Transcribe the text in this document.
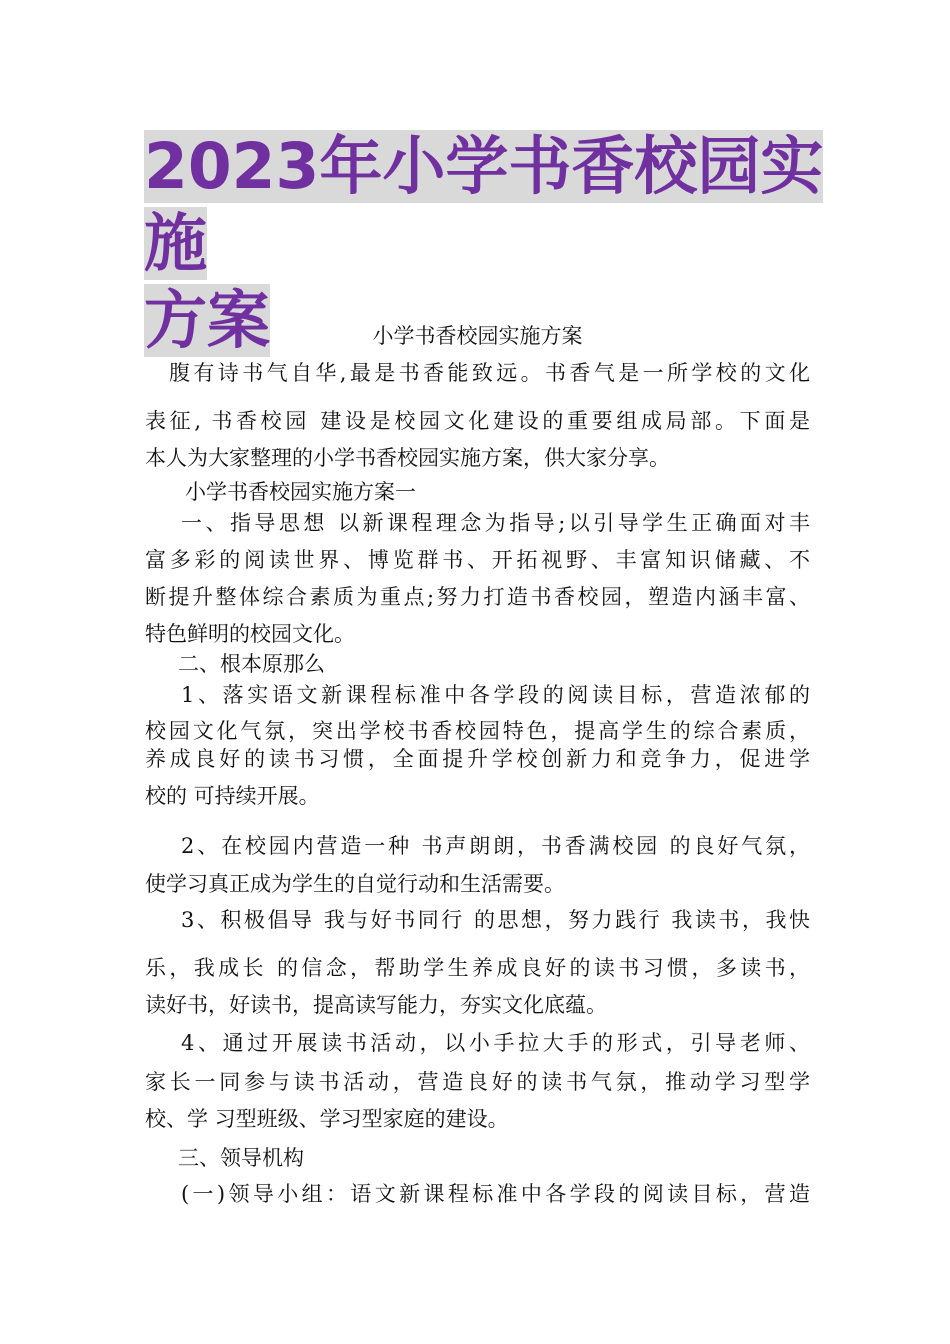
2023年小学书香校园实施
方案	小学书香校园实施方案

腹有诗书气自华,最是书香能致远。书香气是一所学校的文化

表征, 书香校园 建设是校园文化建设的重要组成局部。下面是

本人为大家整理的小学书香校园实施方案，供大家分享。

小学书香校园实施方案一

一、指导思想 以新课程理念为指导;以引导学生正确面对丰

富多彩的阅读世界、博览群书、开拓视野、丰富知识储藏、不

断提升整体综合素质为重点;努力打造书香校园，塑造内涵丰富、

特色鲜明的校园文化。

二、根本原那么

1、落实语文新课程标准中各学段的阅读目标，营造浓郁的

校园文化气氛，突出学校书香校园特色，提高学生的综合素质，

养成良好的读书习惯，全面提升学校创新力和竞争力，促进学

校的 可持续开展。

2、在校园内营造一种 书声朗朗，书香满校园 的良好气氛，

使学习真正成为学生的自觉行动和生活需要。

3、积极倡导 我与好书同行 的思想，努力践行 我读书，我快

乐，我成长 的信念，帮助学生养成良好的读书习惯，多读书，

读好书，好读书，提高读写能力，夯实文化底蕴。

4、通过开展读书活动，以小手拉大手的形式，引导老师、

家长一同参与读书活动，营造良好的读书气氛，推动学习型学

校、学 习型班级、学习型家庭的建设。

三、领导机构

(一)领导小组：语文新课程标准中各学段的阅读目标，营造
